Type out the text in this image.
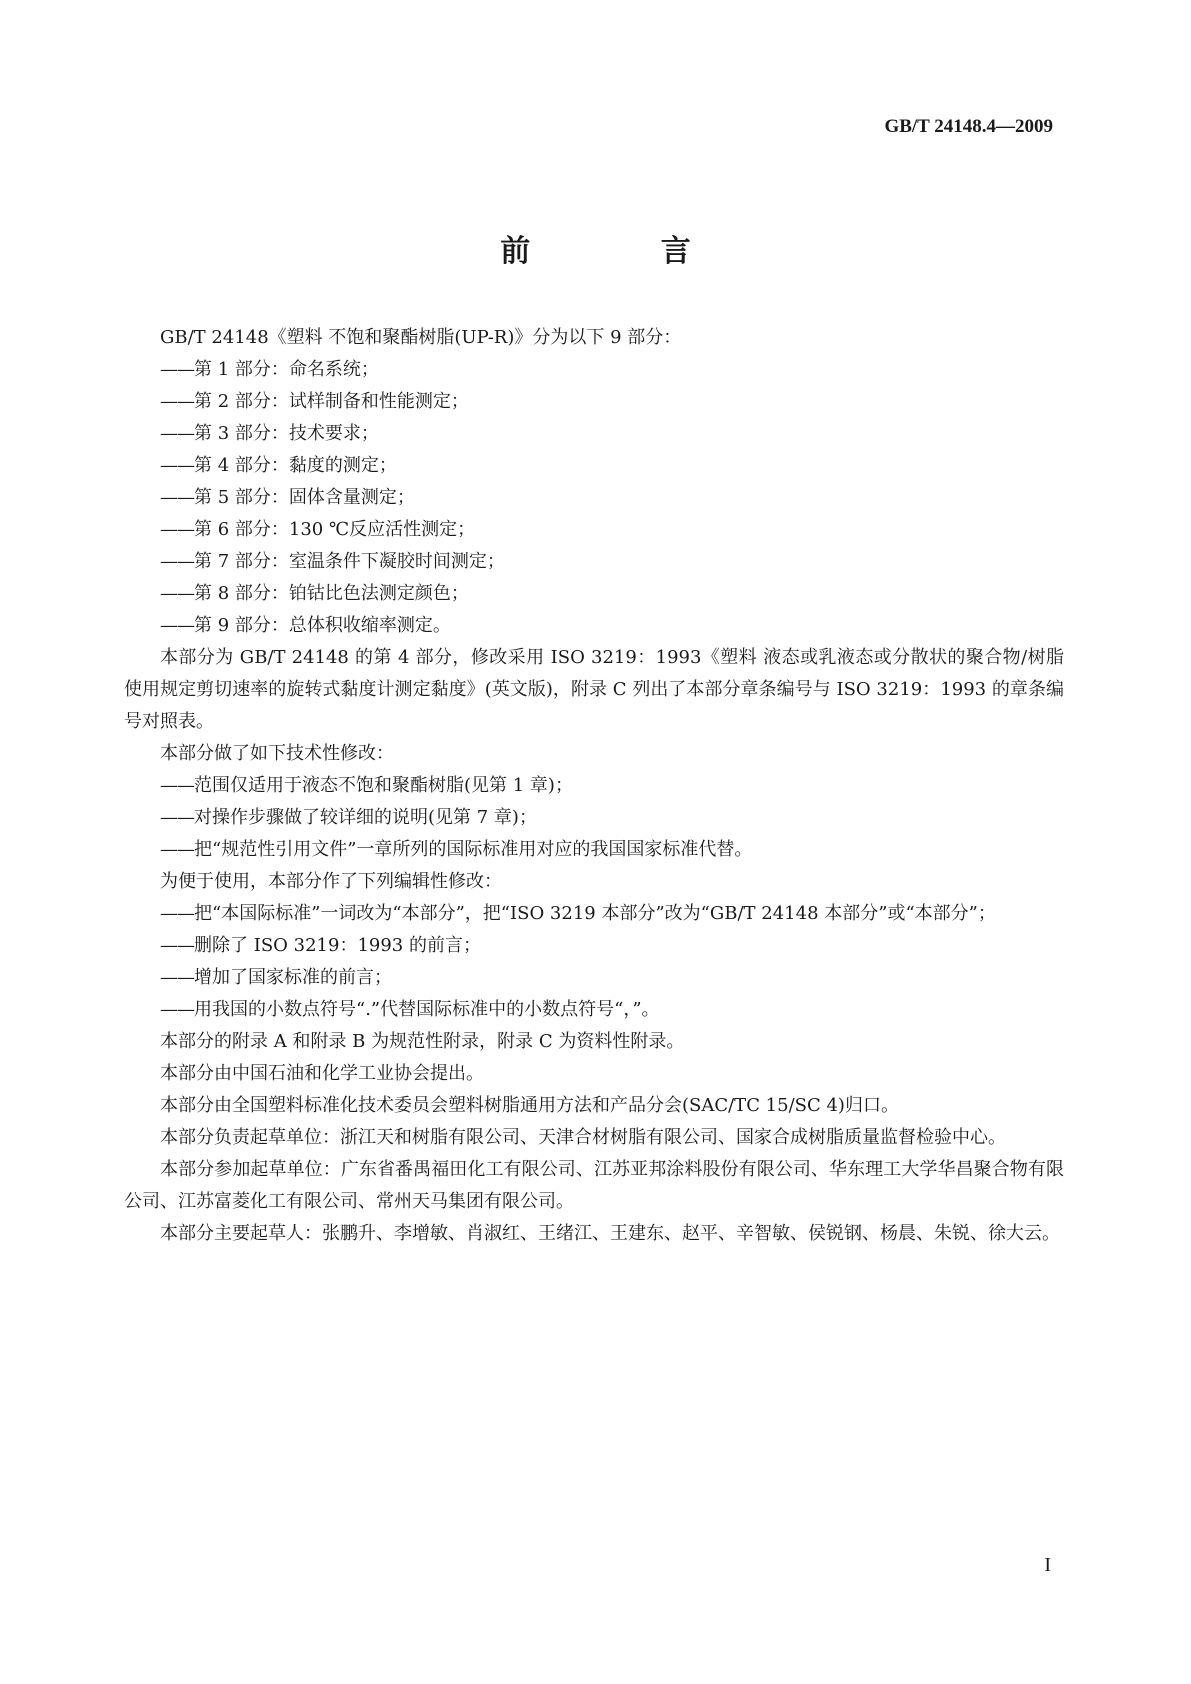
GB/T 24148.4—2009
前 言

GB/T 24148《塑料 不饱和聚酯树脂(UP-R)》分为以下 9 部分：

—— 第 1 部分：命名系统；

—— 第 2 部分：试样制备和性能测定；

—— 第 3 部分：技术要求；

—— 第 4 部分：黏度的测定；

—— 第 5 部分：固体含量测定；

—— 第 6 部分：130 ℃反应活性测定；

—— 第 7 部分：室温条件下凝胶时间测定；

—— 第 8 部分：铂钴比色法测定颜色；

—— 第 9 部分：总体积收缩率测定。

本部分为 GB/T 24148 的第 4 部分，修改采用 ISO 3219：1993《塑料 液态或乳液态或分散状的聚合物/树脂 使用规定剪切速率的旋转式黏度计测定黏度》(英文版)，附录 C 列出了本部分章条编号与 ISO 3219：1993 的章条编号对照表。

本部分做了如下技术性修改：

—— 范围仅适用于液态不饱和聚酯树脂(见第 1 章)；

—— 对操作步骤做了较详细的说明(见第 7 章)；

—— 把“规范性引用文件”一章所列的国际标准用对应的我国国家标准代替。

为便于使用，本部分作了下列编辑性修改：

—— 把“本国际标准”一词改为“本部分”，把“ISO 3219 本部分”改为“GB/T 24148 本部分”或“本部分”；

—— 删除了 ISO 3219：1993 的前言；

—— 增加了国家标准的前言；

—— 用我国的小数点符号“.”代替国际标准中的小数点符号“，”。

本部分的附录 A 和附录 B 为规范性附录，附录 C 为资料性附录。

本部分由中国石油和化学工业协会提出。

本部分由全国塑料标准化技术委员会塑料树脂通用方法和产品分会(SAC/TC 15/SC 4)归口。

本部分负责起草单位：浙江天和树脂有限公司、天津合材树脂有限公司、国家合成树脂质量监督检验中心。

本部分参加起草单位：广东省番禺福田化工有限公司、江苏亚邦涂料股份有限公司、华东理工大学华昌聚合物有限公司、江苏富菱化工有限公司、常州天马集团有限公司。

本部分主要起草人：张鹏升、李增敏、肖淑红、王绪江、王建东、赵平、辛智敏、侯锐钢、杨晨、朱锐、徐大云。

I
